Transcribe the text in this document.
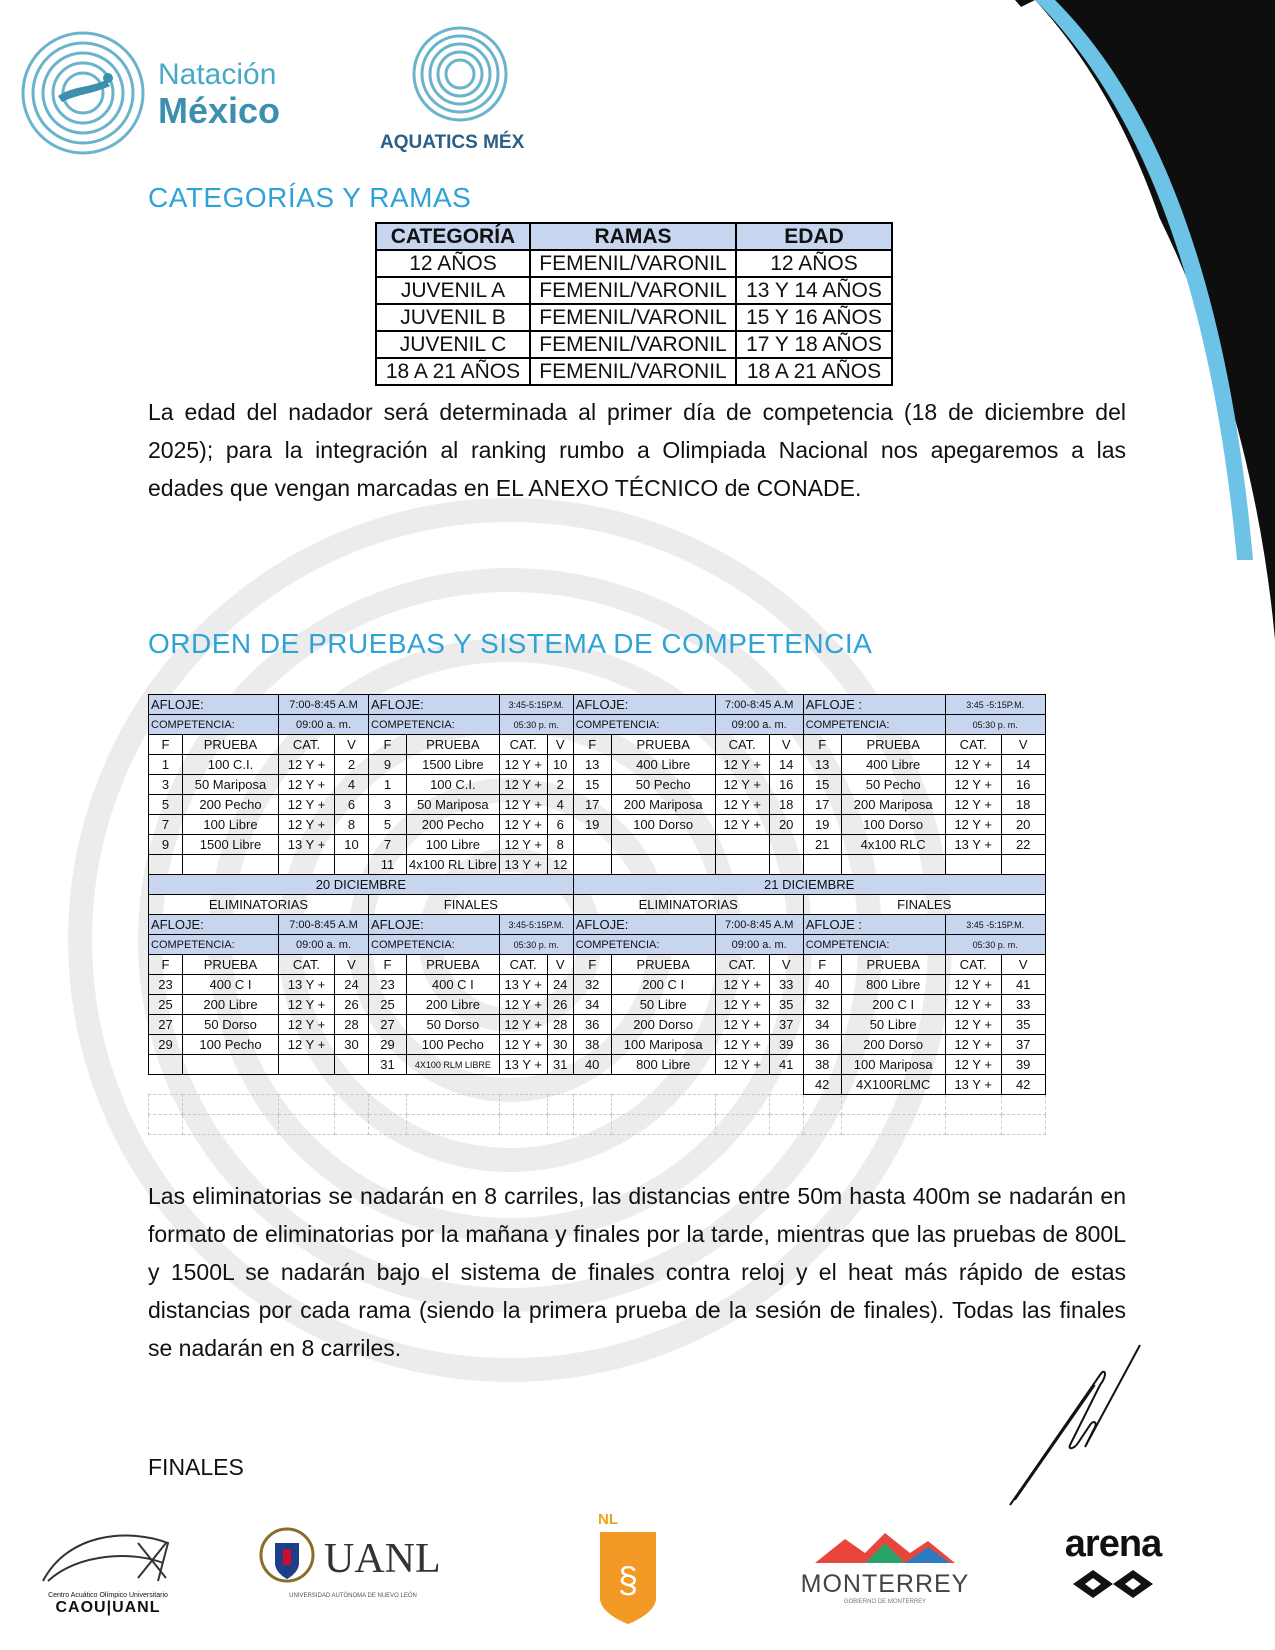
Natación
México
AQUATICS MÉX
CATEGORÍAS Y RAMAS
CATEGORÍA	RAMAS	EDAD
12 AÑOS	FEMENIL/VARONIL	12 AÑOS
JUVENIL A	FEMENIL/VARONIL	13 Y 14 AÑOS
JUVENIL B	FEMENIL/VARONIL	15 Y 16 AÑOS
JUVENIL C	FEMENIL/VARONIL	17 Y 18 AÑOS
18 A 21 AÑOS	FEMENIL/VARONIL	18 A 21 AÑOS
La edad del nadador será determinada al primer día de competencia (18 de diciembre del 2025); para la integración al ranking rumbo a Olimpiada Nacional nos apegaremos a las edades que vengan marcadas en EL ANEXO TÉCNICO de CONADE.
ORDEN DE PRUEBAS Y SISTEMA DE COMPETENCIA
AFLOJE:		7:00-8:45 A.M		AFLOJE:		3:45-5:15P.M.		AFLOJE:		7:00-8:45 A.M		AFLOJE :		3:45 -5:15P.M.	
COMPETENCIA:		09:00 a. m.		COMPETENCIA:		05:30 p. m.		COMPETENCIA:		09:00 a. m.		COMPETENCIA:		05:30 p. m.	
F	PRUEBA	CAT.	V	F	PRUEBA	CAT.	V	F	PRUEBA	CAT.	V	F	PRUEBA	CAT.	V
1	100 C.I.	12 Y +	2	9	1500 Libre	12 Y +	10	13	400 Libre	12 Y +	14	13	400 Libre	12 Y +	14
3	50 Mariposa	12 Y +	4	1	100 C.I.	12 Y +	2	15	50 Pecho	12 Y +	16	15	50 Pecho	12 Y +	16
5	200 Pecho	12 Y +	6	3	50 Mariposa	12 Y +	4	17	200 Mariposa	12 Y +	18	17	200 Mariposa	12 Y +	18
7	100 Libre	12 Y +	8	5	200 Pecho	12 Y +	6	19	100 Dorso	12 Y +	20	19	100 Dorso	12 Y +	20
9	1500 Libre	13 Y +	10	7	100 Libre	12 Y +	8					21	4x100 RLC	13 Y +	22
				11	4x100 RL Libre	13 Y +	12								
20 DICIEMBRE								21 DICIEMBRE							
ELIMINATORIAS				FINALES				ELIMINATORIAS				FINALES			
AFLOJE:		7:00-8:45 A.M		AFLOJE:		3:45-5:15P.M.		AFLOJE:		7:00-8:45 A.M		AFLOJE :		3:45 -5:15P.M.	
COMPETENCIA:		09:00 a. m.		COMPETENCIA:		05:30 p. m.		COMPETENCIA:		09:00 a. m.		COMPETENCIA:		05:30 p. m.	
F	PRUEBA	CAT.	V	F	PRUEBA	CAT.	V	F	PRUEBA	CAT.	V	F	PRUEBA	CAT.	V
23	400 C I	13 Y +	24	23	400 C I	13 Y +	24	32	200 C I	12 Y +	33	40	800 Libre	12 Y +	41
25	200 Libre	12 Y +	26	25	200 Libre	12 Y +	26	34	50 Libre	12 Y +	35	32	200 C I	12 Y +	33
27	50 Dorso	12 Y +	28	27	50 Dorso	12 Y +	28	36	200 Dorso	12 Y +	37	34	50 Libre	12 Y +	35
29	100 Pecho	12 Y +	30	29	100 Pecho	12 Y +	30	38	100 Mariposa	12 Y +	39	36	200 Dorso	12 Y +	37
				31	4X100 RLM LIBRE	13 Y +	31	40	800 Libre	12 Y +	41	38	100 Mariposa	12 Y +	39
												42	4X100RLMC	13 Y +	42

Las eliminatorias se nadarán en 8 carriles, las distancias entre 50m hasta 400m se nadarán en formato de eliminatorias por la mañana y finales por la tarde, mientras que las pruebas de 800L y 1500L se nadarán bajo el sistema de finales contra reloj y el heat más rápido de estas distancias por cada rama (siendo la primera prueba de la sesión de finales). Todas las finales se nadarán en 8 carriles.
FINALES
Centro Acuático Olímpico Universitario
CAOU|UANL
UANL
UNIVERSIDAD AUTÓNOMA DE NUEVO LEÓN
NL
§	MONTERREY
GOBIERNO DE MONTERREY
arena
